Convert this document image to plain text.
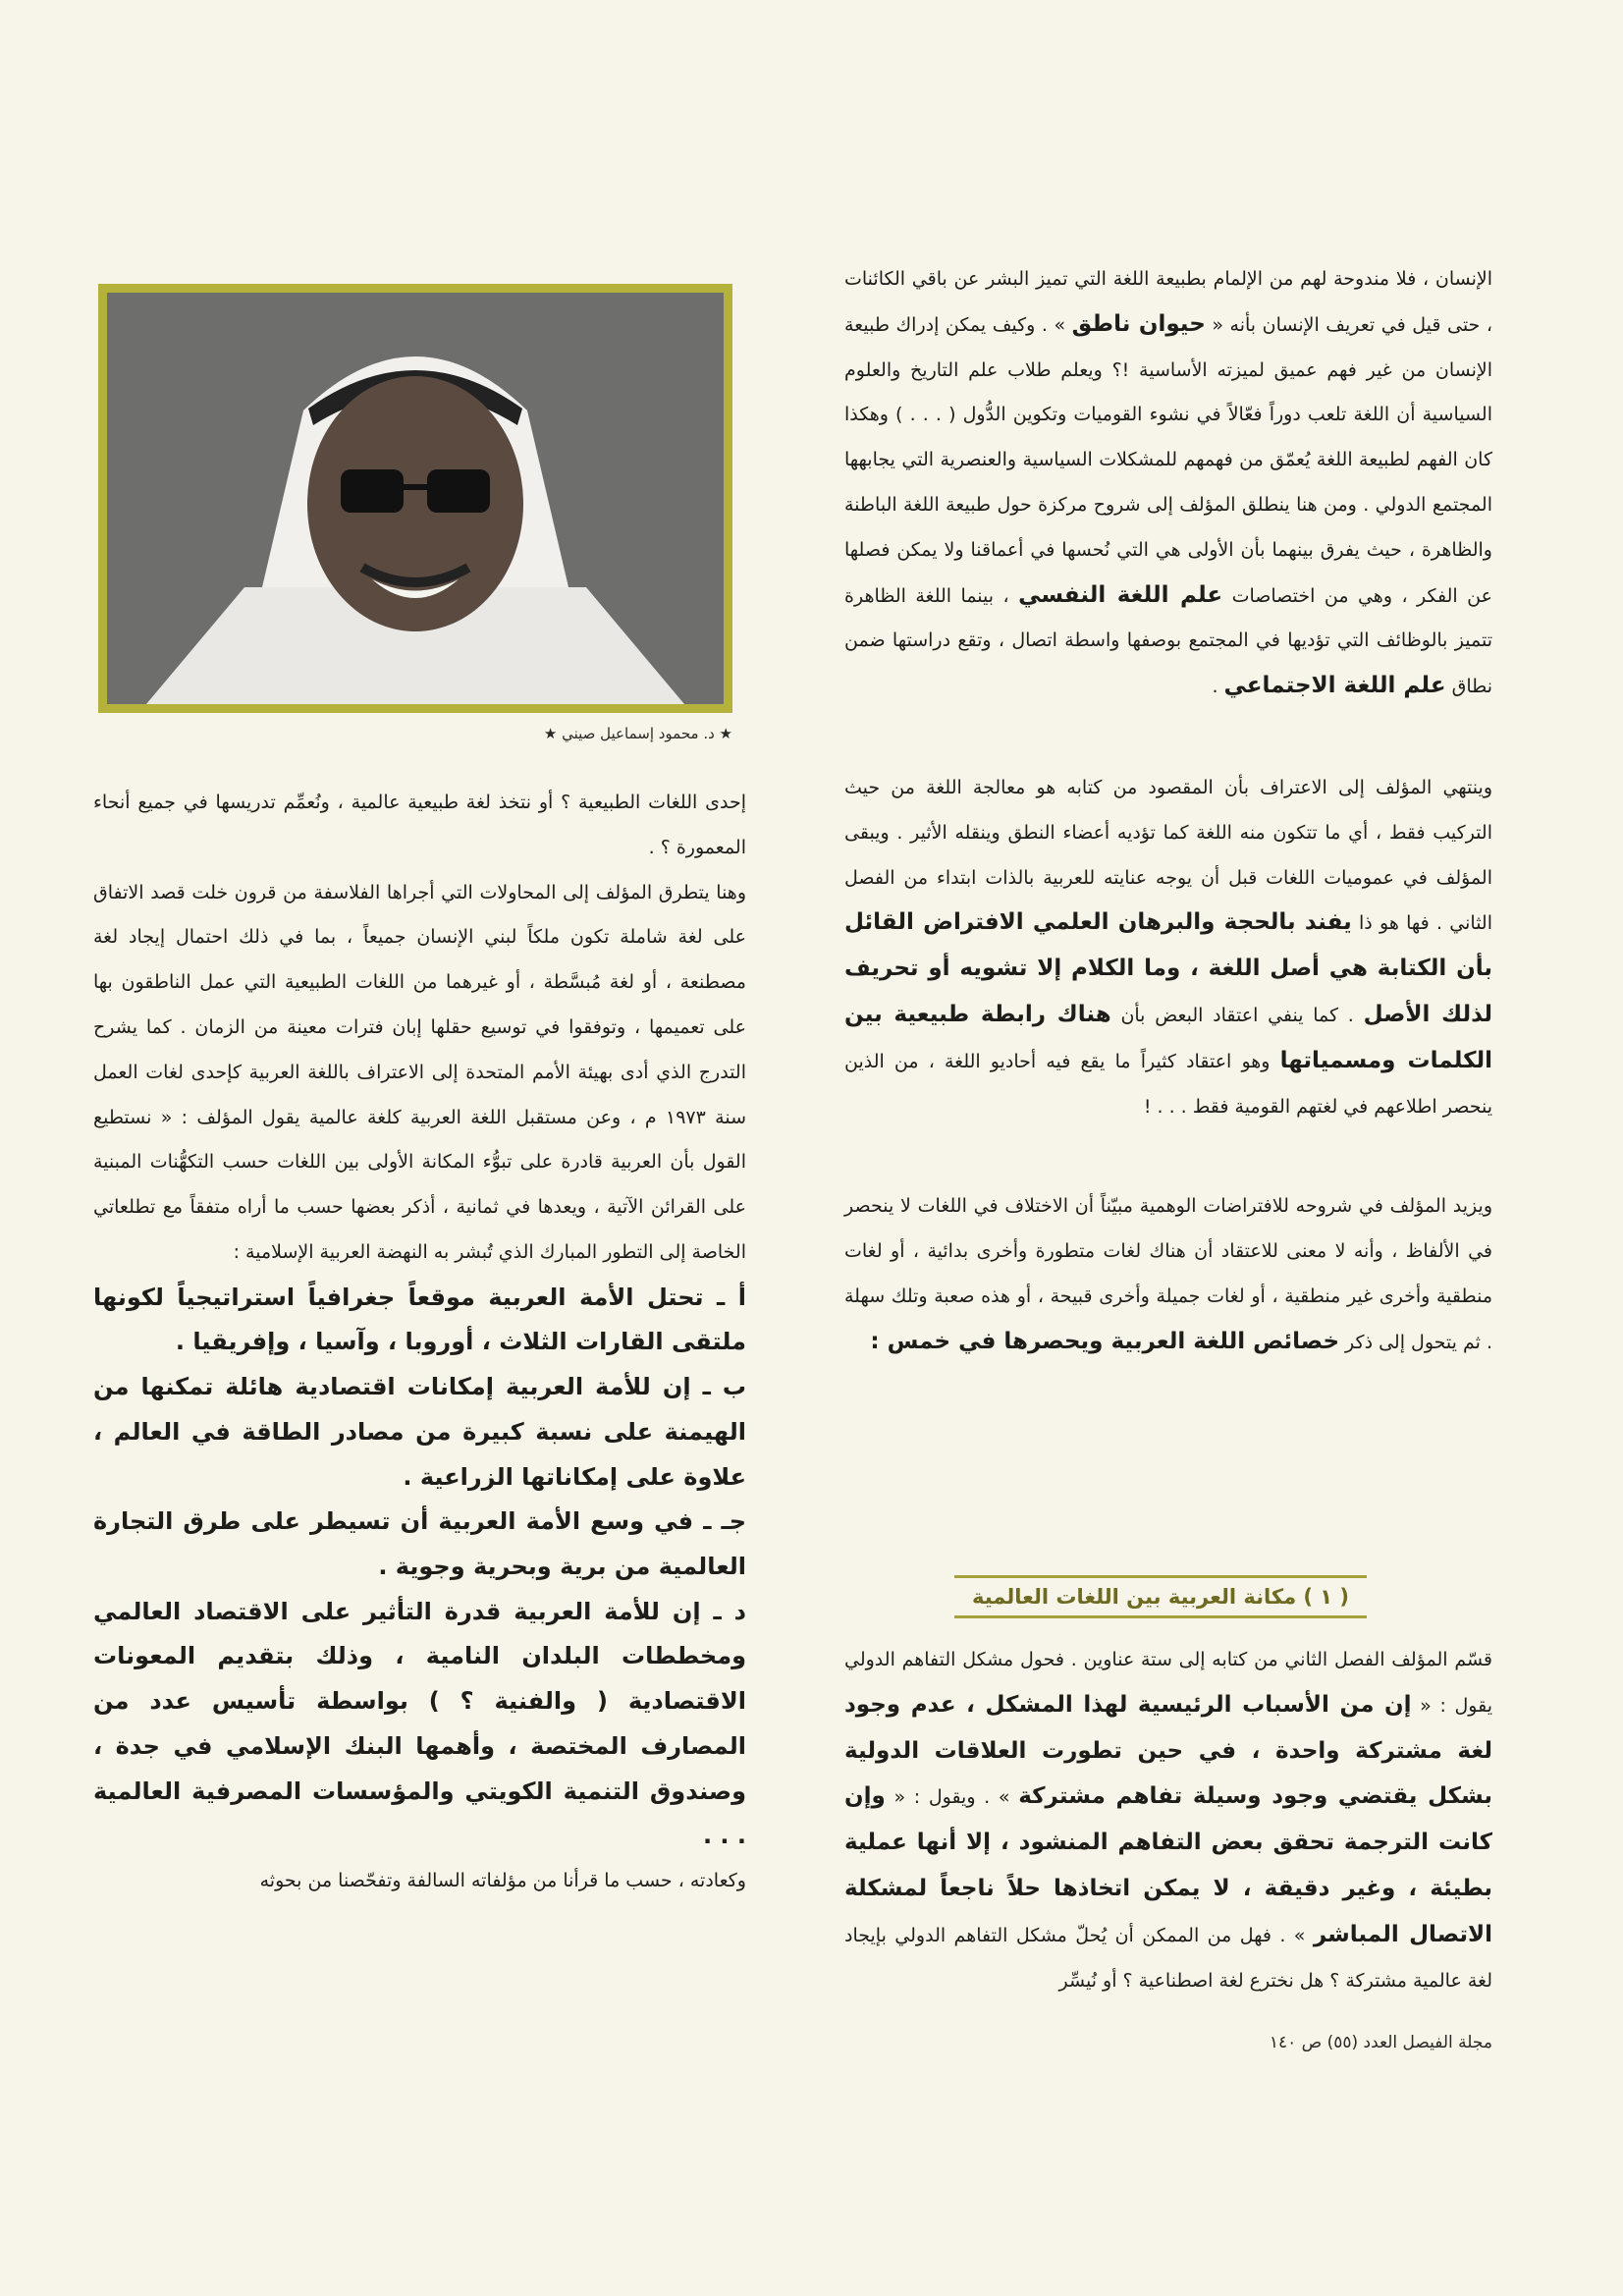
الإنسان ، فلا مندوحة لهم من الإلمام بطبيعة اللغة التي تميز البشر عن باقي الكائنات ، حتى قيل في تعريف الإنسان بأنه « حيوان ناطق » . وكيف يمكن إدراك طبيعة الإنسان من غير فهم عميق لميزته الأساسية !؟ ويعلم طلاب علم التاريخ والعلوم السياسية أن اللغة تلعب دوراً فعّالاً في نشوء القوميات وتكوين الدُّول ( . . . ) وهكذا كان الفهم لطبيعة اللغة يُعمّق من فهمهم للمشكلات السياسية والعنصرية التي يجابهها المجتمع الدولي . ومن هنا ينطلق المؤلف إلى شروح مركزة حول طبيعة اللغة الباطنة والظاهرة ، حيث يفرق بينهما بأن الأولى هي التي نُحسها في أعماقنا ولا يمكن فصلها عن الفكر ، وهي من اختصاصات علم اللغة النفسي ، بينما اللغة الظاهرة تتميز بالوظائف التي تؤديها في المجتمع بوصفها واسطة اتصال ، وتقع دراستها ضمن نطاق علم اللغة الاجتماعي .

وينتهي المؤلف إلى الاعتراف بأن المقصود من كتابه هو معالجة اللغة من حيث التركيب فقط ، أي ما تتكون منه اللغة كما تؤديه أعضاء النطق وينقله الأثير . ويبقى المؤلف في عموميات اللغات قبل أن يوجه عنايته للعربية بالذات ابتداء من الفصل الثاني . فها هو ذا يفند بالحجة والبرهان العلمي الافتراض القائل بأن الكتابة هي أصل اللغة ، وما الكلام إلا تشويه أو تحريف لذلك الأصل . كما ينفي اعتقاد البعض بأن هناك رابطة طبيعية بين الكلمات ومسمياتها وهو اعتقاد كثيراً ما يقع فيه أحاديو اللغة ، من الذين ينحصر اطلاعهم في لغتهم القومية فقط . . . !

ويزيد المؤلف في شروحه للافتراضات الوهمية مبيّناً أن الاختلاف في اللغات لا ينحصر في الألفاظ ، وأنه لا معنى للاعتقاد أن هناك لغات متطورة وأخرى بدائية ، أو لغات منطقية وأخرى غير منطقية ، أو لغات جميلة وأخرى قبيحة ، أو هذه صعبة وتلك سهلة . ثم يتحول إلى ذكر خصائص اللغة العربية ويحصرها في خمس :

( ١ ) مكانة العربية بين اللغات العالمية

قسّم المؤلف الفصل الثاني من كتابه إلى ستة عناوين . فحول مشكل التفاهم الدولي يقول : « إن من الأسباب الرئيسية لهذا المشكل ، عدم وجود لغة مشتركة واحدة ، في حين تطورت العلاقات الدولية بشكل يقتضي وجود وسيلة تفاهم مشتركة » . ويقول : « وإن كانت الترجمة تحقق بعض التفاهم المنشود ، إلا أنها عملية بطيئة ، وغير دقيقة ، لا يمكن اتخاذها حلاً ناجعاً لمشكلة الاتصال المباشر » . فهل من الممكن أن يُحلّ مشكل التفاهم الدولي بإيجاد لغة عالمية مشتركة ؟ هل نخترع لغة اصطناعية ؟ أو نُيسِّر

★ د. محمود إسماعيل صيني ★

إحدى اللغات الطبيعية ؟ أو نتخذ لغة طبيعية عالمية ، ونُعمِّم تدريسها في جميع أنحاء المعمورة ؟ .

وهنا يتطرق المؤلف إلى المحاولات التي أجراها الفلاسفة من قرون خلت قصد الاتفاق على لغة شاملة تكون ملكاً لبني الإنسان جميعاً ، بما في ذلك احتمال إيجاد لغة مصطنعة ، أو لغة مُبسَّطة ، أو غيرهما من اللغات الطبيعية التي عمل الناطقون بها على تعميمها ، وتوفقوا في توسيع حقلها إبان فترات معينة من الزمان . كما يشرح التدرج الذي أدى بهيئة الأمم المتحدة إلى الاعتراف باللغة العربية كإحدى لغات العمل سنة ١٩٧٣ م ، وعن مستقبل اللغة العربية كلغة عالمية يقول المؤلف : « نستطيع القول بأن العربية قادرة على تبوُّء المكانة الأولى بين اللغات حسب التكهُّنات المبنية على القرائن الآتية ، ويعدها في ثمانية ، أذكر بعضها حسب ما أراه متفقاً مع تطلعاتي الخاصة إلى التطور المبارك الذي تُبشر به النهضة العربية الإسلامية :

أ ـ تحتل الأمة العربية موقعاً جغرافياً استراتيجياً لكونها ملتقى القارات الثلاث ، أوروبا ، وآسيا ، وإفريقيا .

ب ـ إن للأمة العربية إمكانات اقتصادية هائلة تمكنها من الهيمنة على نسبة كبيرة من مصادر الطاقة في العالم ، علاوة على إمكاناتها الزراعية .

جـ ـ في وسع الأمة العربية أن تسيطر على طرق التجارة العالمية من برية وبحرية وجوية .

د ـ إن للأمة العربية قدرة التأثير على الاقتصاد العالمي ومخططات البلدان النامية ، وذلك بتقديم المعونات الاقتصادية ( والفنية ؟ ) بواسطة تأسيس عدد من المصارف المختصة ، وأهمها البنك الإسلامي في جدة ، وصندوق التنمية الكويتي والمؤسسات المصرفية العالمية . . .

وكعادته ، حسب ما قرأنا من مؤلفاته السالفة وتفحّصنا من بحوثه

مجلة الفيصل العدد (٥٥) ص ١٤٠
